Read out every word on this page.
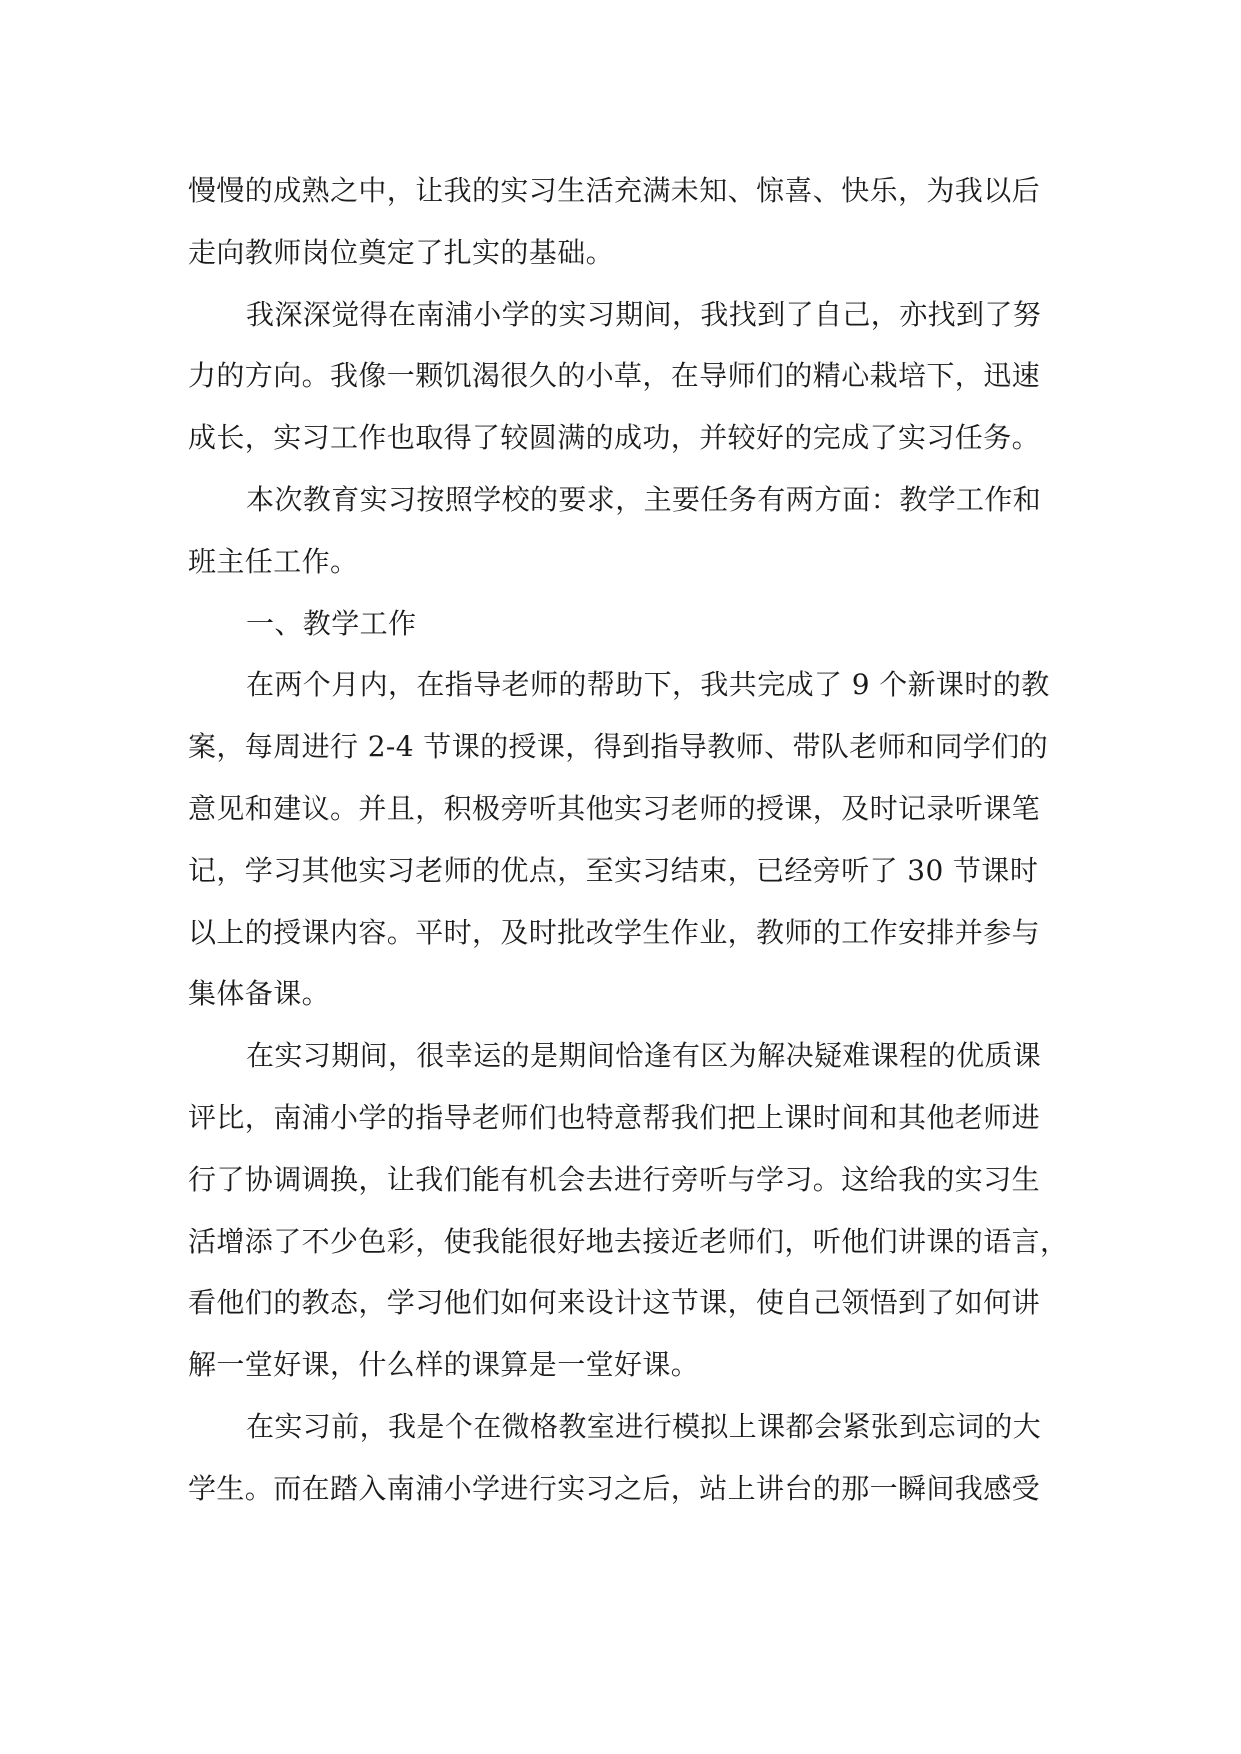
慢慢的成熟之中，让我的实习生活充满未知、惊喜、快乐，为我以后
走向教师岗位奠定了扎实的基础。
我深深觉得在南浦小学的实习期间，我找到了自己，亦找到了努
力的方向。我像一颗饥渴很久的小草，在导师们的精心栽培下，迅速
成长，实习工作也取得了较圆满的成功，并较好的完成了实习任务。
本次教育实习按照学校的要求，主要任务有两方面：教学工作和
班主任工作。
一、教学工作
在两个月内，在指导老师的帮助下，我共完成了 9 个新课时的教
案，每周进行 2-4 节课的授课，得到指导教师、带队老师和同学们的
意见和建议。并且，积极旁听其他实习老师的授课，及时记录听课笔
记，学习其他实习老师的优点，至实习结束，已经旁听了 30 节课时
以上的授课内容。平时，及时批改学生作业，教师的工作安排并参与
集体备课。
在实习期间，很幸运的是期间恰逢有区为解决疑难课程的优质课
评比，南浦小学的指导老师们也特意帮我们把上课时间和其他老师进
行了协调调换，让我们能有机会去进行旁听与学习。这给我的实习生
活增添了不少色彩，使我能很好地去接近老师们，听他们讲课的语言，
看他们的教态，学习他们如何来设计这节课，使自己领悟到了如何讲
解一堂好课，什么样的课算是一堂好课。
在实习前，我是个在微格教室进行模拟上课都会紧张到忘词的大
学生。而在踏入南浦小学进行实习之后，站上讲台的那一瞬间我感受
